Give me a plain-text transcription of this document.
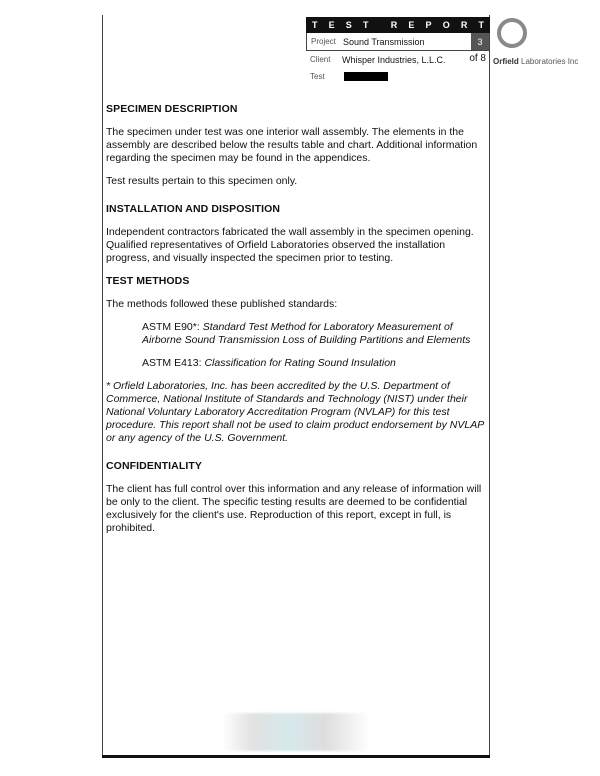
T E S T R E P O R T
Project Sound Transmission	3
Client	Whisper Industries, L.L.C.	of 8
Test
Orfield Laboratories Inc
SPECIMEN DESCRIPTION

The specimen under test was one interior wall assembly. The elements in the assembly are described below the results table and chart. Additional information regarding the specimen may be found in the appendices.

Test results pertain to this specimen only.

INSTALLATION AND DISPOSITION

Independent contractors fabricated the wall assembly in the specimen opening. Qualified representatives of Orfield Laboratories observed the installation progress, and visually inspected the specimen prior to testing.

TEST METHODS

The methods followed these published standards:

ASTM E90*: Standard Test Method for Laboratory Measurement of Airborne Sound Transmission Loss of Building Partitions and Elements

ASTM E413: Classification for Rating Sound Insulation

* Orfield Laboratories, Inc. has been accredited by the U.S. Department of Commerce, National Institute of Standards and Technology (NIST) under their National Voluntary Laboratory Accreditation Program (NVLAP) for this test procedure. This report shall not be used to claim product endorsement by NVLAP or any agency of the U.S. Government.

CONFIDENTIALITY

The client has full control over this information and any release of information will be only to the client. The specific testing results are deemed to be confidential exclusively for the client's use. Reproduction of this report, except in full, is prohibited.
